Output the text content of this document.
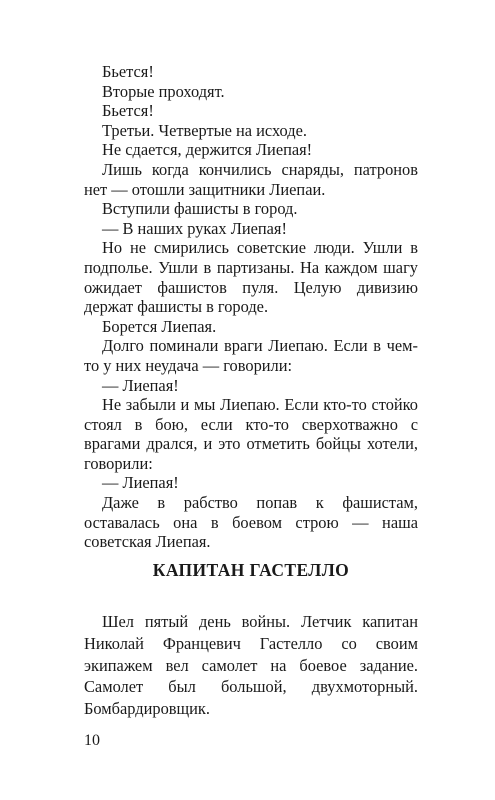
Бьется!

Вторые проходят.

Бьется!

Третьи. Четвертые на исходе.

Не сдается, держится Лиепая!

Лишь когда кончились снаряды, патронов нет — отошли защитники Лиепаи.

Вступили фашисты в город.

— В наших руках Лиепая!

Но не смирились советские люди. Ушли в подполье. Ушли в партизаны. На каждом шагу ожидает фашистов пуля. Целую дивизию держат фашисты в городе.

Борется Лиепая.

Долго поминали враги Лиепаю. Если в чем-то у них неудача — говорили:

— Лиепая!

Не забыли и мы Лиепаю. Если кто-то стойко стоял в бою, если кто-то сверхотважно с врагами дрался, и это отметить бойцы хотели, говорили:

— Лиепая!

Даже в рабство попав к фашистам, оставалась она в боевом строю — наша советская Лиепая.

КАПИТАН ГАСТЕЛЛО

Шел пятый день войны. Летчик капитан Николай Францевич Гастелло со своим экипажем вел самолет на боевое задание. Самолет был большой, двухмоторный. Бомбардировщик.

10
